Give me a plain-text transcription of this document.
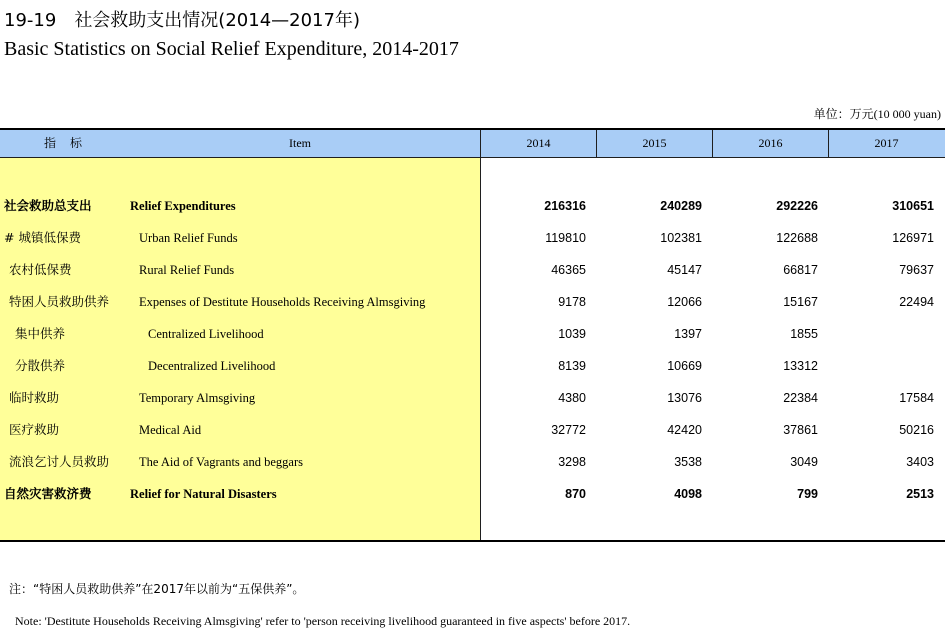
19-19 社会救助支出情况(2014—2017年)
Basic Statistics on Social Relief Expenditure, 2014-2017
单位：万元(10 000 yuan)
指标	Item	2014	2015	2016	2017
社会救助总支出	Relief Expenditures	216316	240289	292226	310651
# 城镇低保费	Urban Relief Funds	119810	102381	122688	126971
农村低保费	Rural Relief Funds	46365	45147	66817	79637
特困人员救助供养 Expenses of Destitute Households Receiving Almsgiving	9178	12066	15167	22494
集中供养	Centralized Livelihood	1039	1397	1855
分散供养	Decentralized Livelihood	8139	10669	13312
临时救助	Temporary Almsgiving	4380	13076	22384	17584
医疗救助	Medical Aid	32772	42420	37861	50216
流浪乞讨人员救助 The Aid of Vagrants and beggars	3298	3538	3049	3403
自然灾害救济费	Relief for Natural Disasters	870	4098	799	2513
注：“特困人员救助供养”在2017年以前为“五保供养”。
Note: 'Destitute Households Receiving Almsgiving' refer to 'person receiving livelihood guaranteed in five aspects' before 2017.
